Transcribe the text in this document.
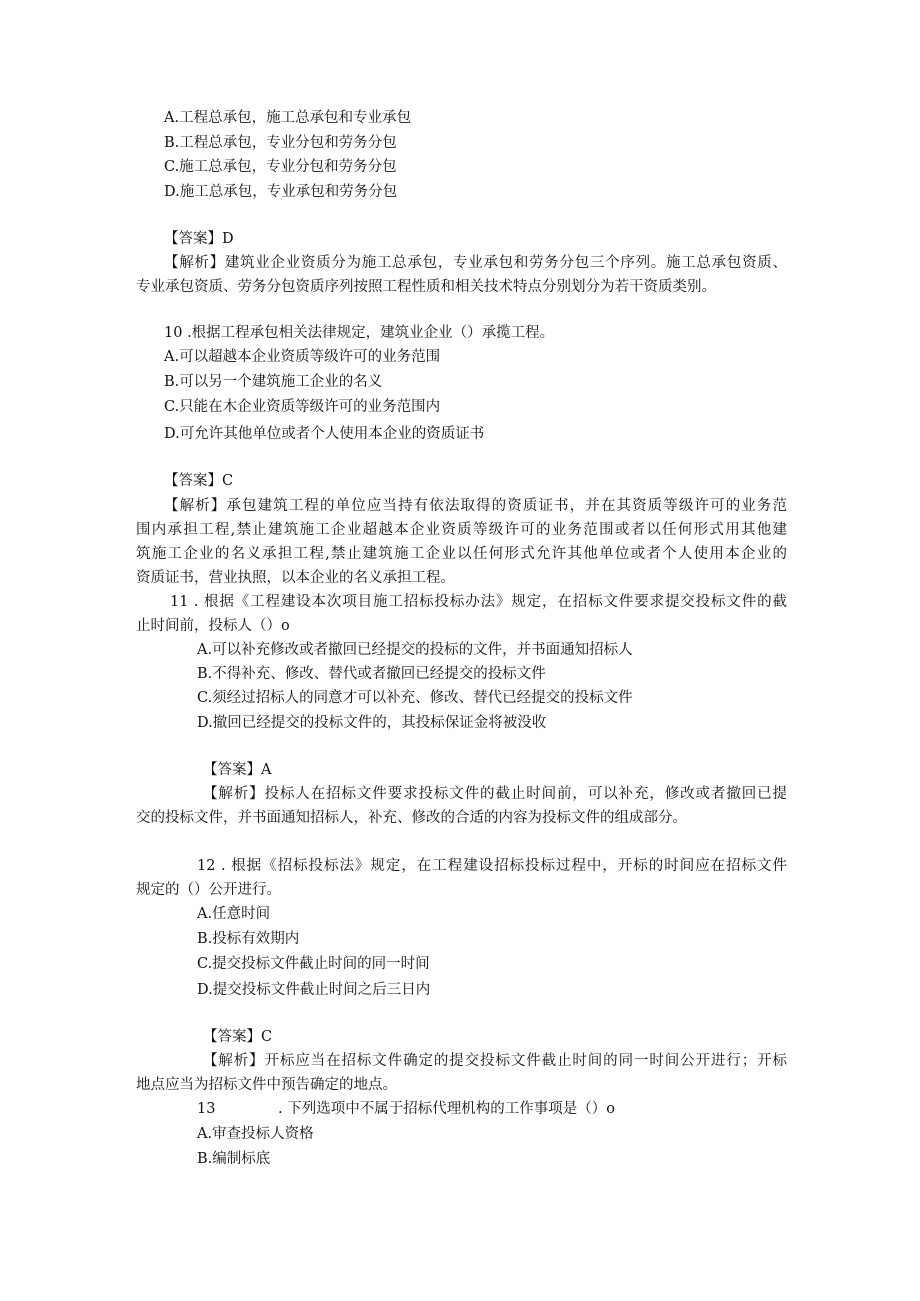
A.工程总承包，施工总承包和专业承包
B.工程总承包，专业分包和劳务分包
C.施工总承包，专业分包和劳务分包
D.施工总承包，专业承包和劳务分包
【答案】D
【解析】建筑业企业资质分为施工总承包，专业承包和劳务分包三个序列。施工总承包资质、
专业承包资质、劳务分包资质序列按照工程性质和相关技术特点分别划分为若干资质类别。
10 .根据工程承包相关法律规定，建筑业企业（）承揽工程。
A.可以超越本企业资质等级许可的业务范围
B.可以另一个建筑施工企业的名义
C.只能在木企业资质等级许可的业务范围内
D.可允许其他单位或者个人使用本企业的资质证书
【答案】C
【解析】承包建筑工程的单位应当持有依法取得的资质证书，并在其资质等级许可的业务范
围内承担工程,禁止建筑施工企业超越本企业资质等级许可的业务范围或者以任何形式用其他建
筑施工企业的名义承担工程,禁止建筑施工企业以任何形式允许其他单位或者个人使用本企业的
资质证书，营业执照，以本企业的名义承担工程。
11 . 根据《工程建设本次项目施工招标投标办法》规定，在招标文件要求提交投标文件的截
止时间前，投标人（）o
A.可以补充修改或者撤回已经提交的投标的文件，并书面通知招标人
B.不得补充、修改、替代或者撤回已经提交的投标文件
C.须经过招标人的同意才可以补充、修改、替代已经提交的投标文件
D.撤回已经提交的投标文件的，其投标保证金将被没收
【答案】A
【解析】投标人在招标文件要求投标文件的截止时间前，可以补充，修改或者撤回已提
交的投标文件，并书面通知招标人，补充、修改的合适的内容为投标文件的组成部分。
12 . 根据《招标投标法》规定，在工程建设招标投标过程中，开标的时间应在招标文件
规定的（）公开进行。
A.任意时间
B.投标有效期内
C.提交投标文件截止时间的同一时间
D.提交投标文件截止时间之后三日内
【答案】C
【解析】开标应当在招标文件确定的提交投标文件截止时间的同一时间公开进行；开标
地点应当为招标文件中预告确定的地点。
13	. 下列选项中不属于招标代理机构的工作事项是（）o
A.审查投标人资格
B.编制标底
